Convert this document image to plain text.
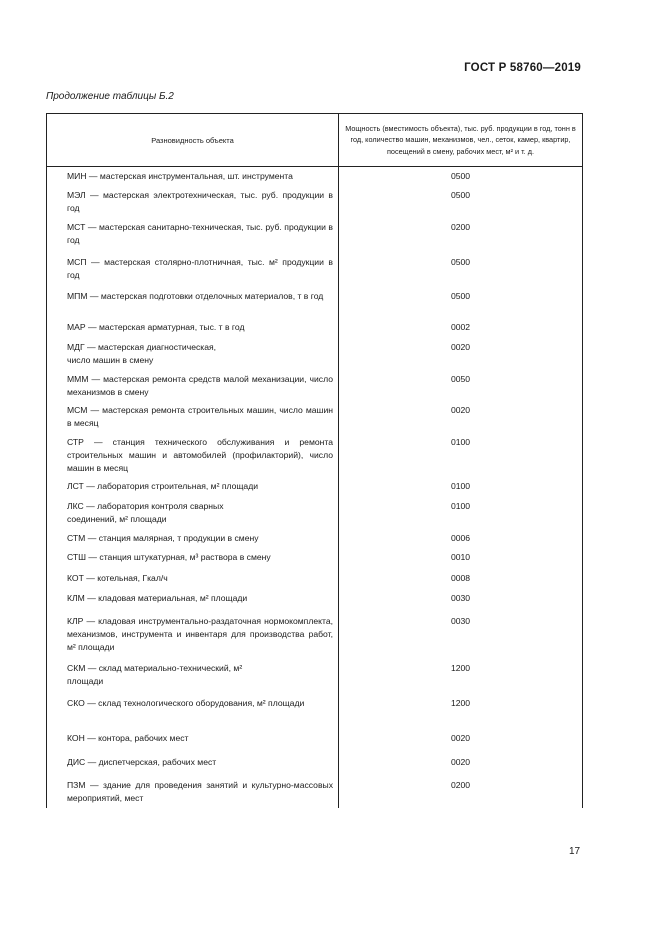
ГОСТ Р 58760—2019
Продолжение таблицы Б.2
Разновидность объекта
Мощность (вместимость объекта), тыс. руб. продукции в год, тонн в год, количество машин, механизмов, чел., сеток, камер, квартир, посещений в смену, рабочих мест, м² и т. д.
МИН — мастерская инструментальная, шт. инструмента	0500
МЭЛ — мастерская электротехническая, тыс. руб. продукции в год
0500
МСТ — мастерская санитарно-техническая, тыс. руб. продукции в год
0200
МСП — мастерская столярно-плотничная, тыс. м² продукции в год
0500
МПМ — мастерская подготовки отделочных материалов, т в год	0500
МАР — мастерская арматурная, тыс. т в год	0002
МДГ — мастерская диагностическая,
число машин в смену
0020
МММ — мастерская ремонта средств малой механизации, число механизмов в смену
0050
МСМ — мастерская ремонта строительных машин, число машин в месяц
0020
СТР — станция технического обслуживания и ремонта строительных машин и автомобилей (профилакторий), число машин в месяц
0100
ЛСТ — лаборатория строительная, м² площади	0100
ЛКС — лаборатория контроля сварных
соединений, м² площади
0100
СТМ — станция малярная, т продукции в смену	0006
СТШ — станция штукатурная, м³ раствора в смену	0010
КОТ — котельная, Гкал/ч	0008
КЛМ — кладовая материальная, м² площади	0030
КЛР — кладовая инструментально-раздаточная нормокомплекта, механизмов, инструмента и инвентаря для производства работ, м² площади
0030
СКМ — склад материально-технический, м²
площади
1200
СКО — склад технологического оборудования, м² площади	1200
КОН — контора, рабочих мест	0020
ДИС — диспетчерская, рабочих мест	0020
ПЗМ — здание для проведения занятий и культурно-массовых мероприятий, мест
0200
17
